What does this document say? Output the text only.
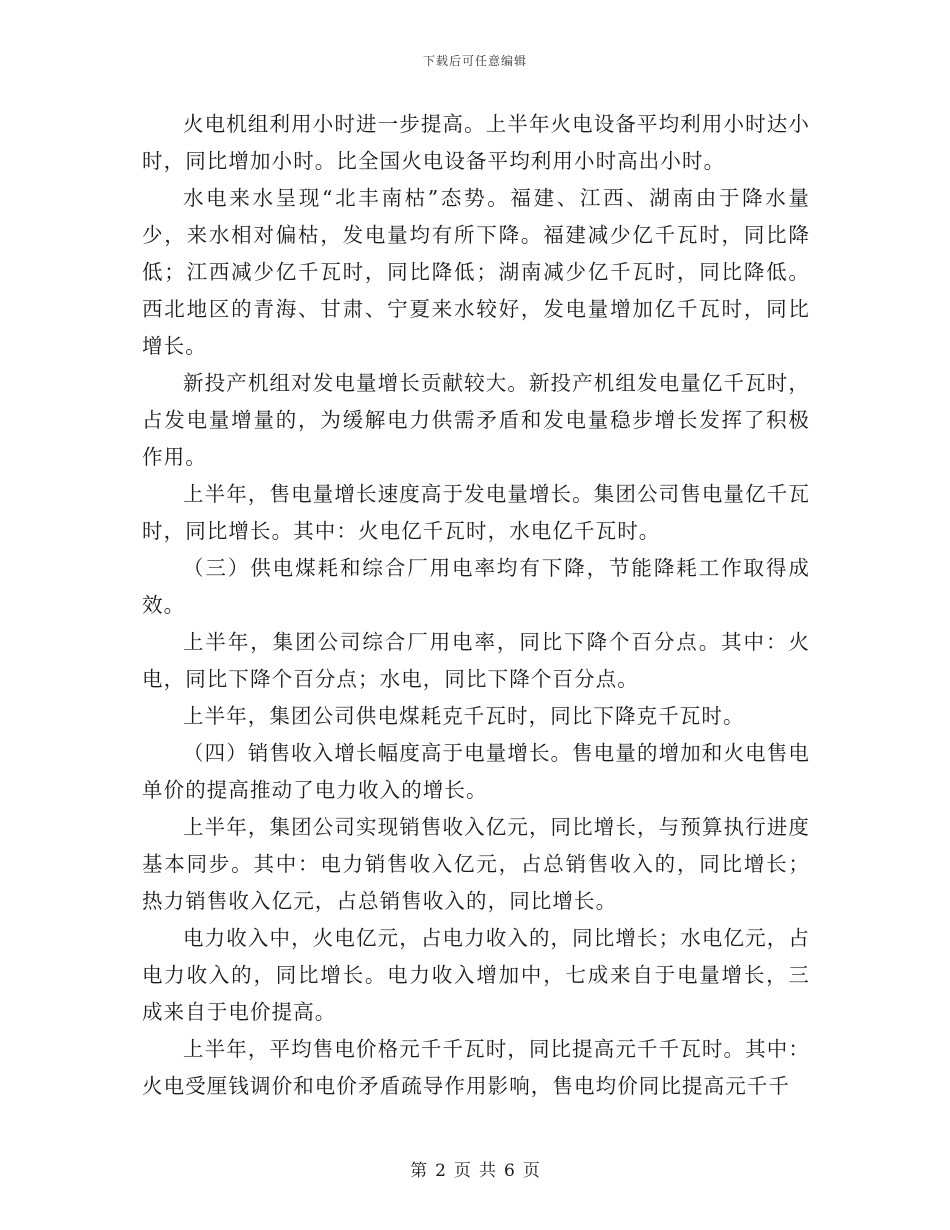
下载后可任意编辑

火电机组利用小时进一步提高。上半年火电设备平均利用小时达小时，同比增加小时。比全国火电设备平均利用小时高出小时。

水电来水呈现“北丰南枯”态势。福建、江西、湖南由于降水量少，来水相对偏枯，发电量均有所下降。福建减少亿千瓦时，同比降低；江西减少亿千瓦时，同比降低；湖南减少亿千瓦时，同比降低。西北地区的青海、甘肃、宁夏来水较好，发电量增加亿千瓦时，同比增长。

新投产机组对发电量增长贡献较大。新投产机组发电量亿千瓦时，占发电量增量的，为缓解电力供需矛盾和发电量稳步增长发挥了积极作用。

上半年，售电量增长速度高于发电量增长。集团公司售电量亿千瓦时，同比增长。其中：火电亿千瓦时，水电亿千瓦时。

（三）供电煤耗和综合厂用电率均有下降，节能降耗工作取得成效。

上半年，集团公司综合厂用电率，同比下降个百分点。其中：火电，同比下降个百分点；水电，同比下降个百分点。

上半年，集团公司供电煤耗克千瓦时，同比下降克千瓦时。

（四）销售收入增长幅度高于电量增长。售电量的增加和火电售电单价的提高推动了电力收入的增长。

上半年，集团公司实现销售收入亿元，同比增长，与预算执行进度基本同步。其中：电力销售收入亿元，占总销售收入的，同比增长；热力销售收入亿元，占总销售收入的，同比增长。

电力收入中，火电亿元，占电力收入的，同比增长；水电亿元，占电力收入的，同比增长。电力收入增加中，七成来自于电量增长，三成来自于电价提高。

上半年，平均售电价格元千千瓦时，同比提高元千千瓦时。其中：火电受厘钱调价和电价矛盾疏导作用影响，售电均价同比提高元千千

第 2 页 共 6 页
